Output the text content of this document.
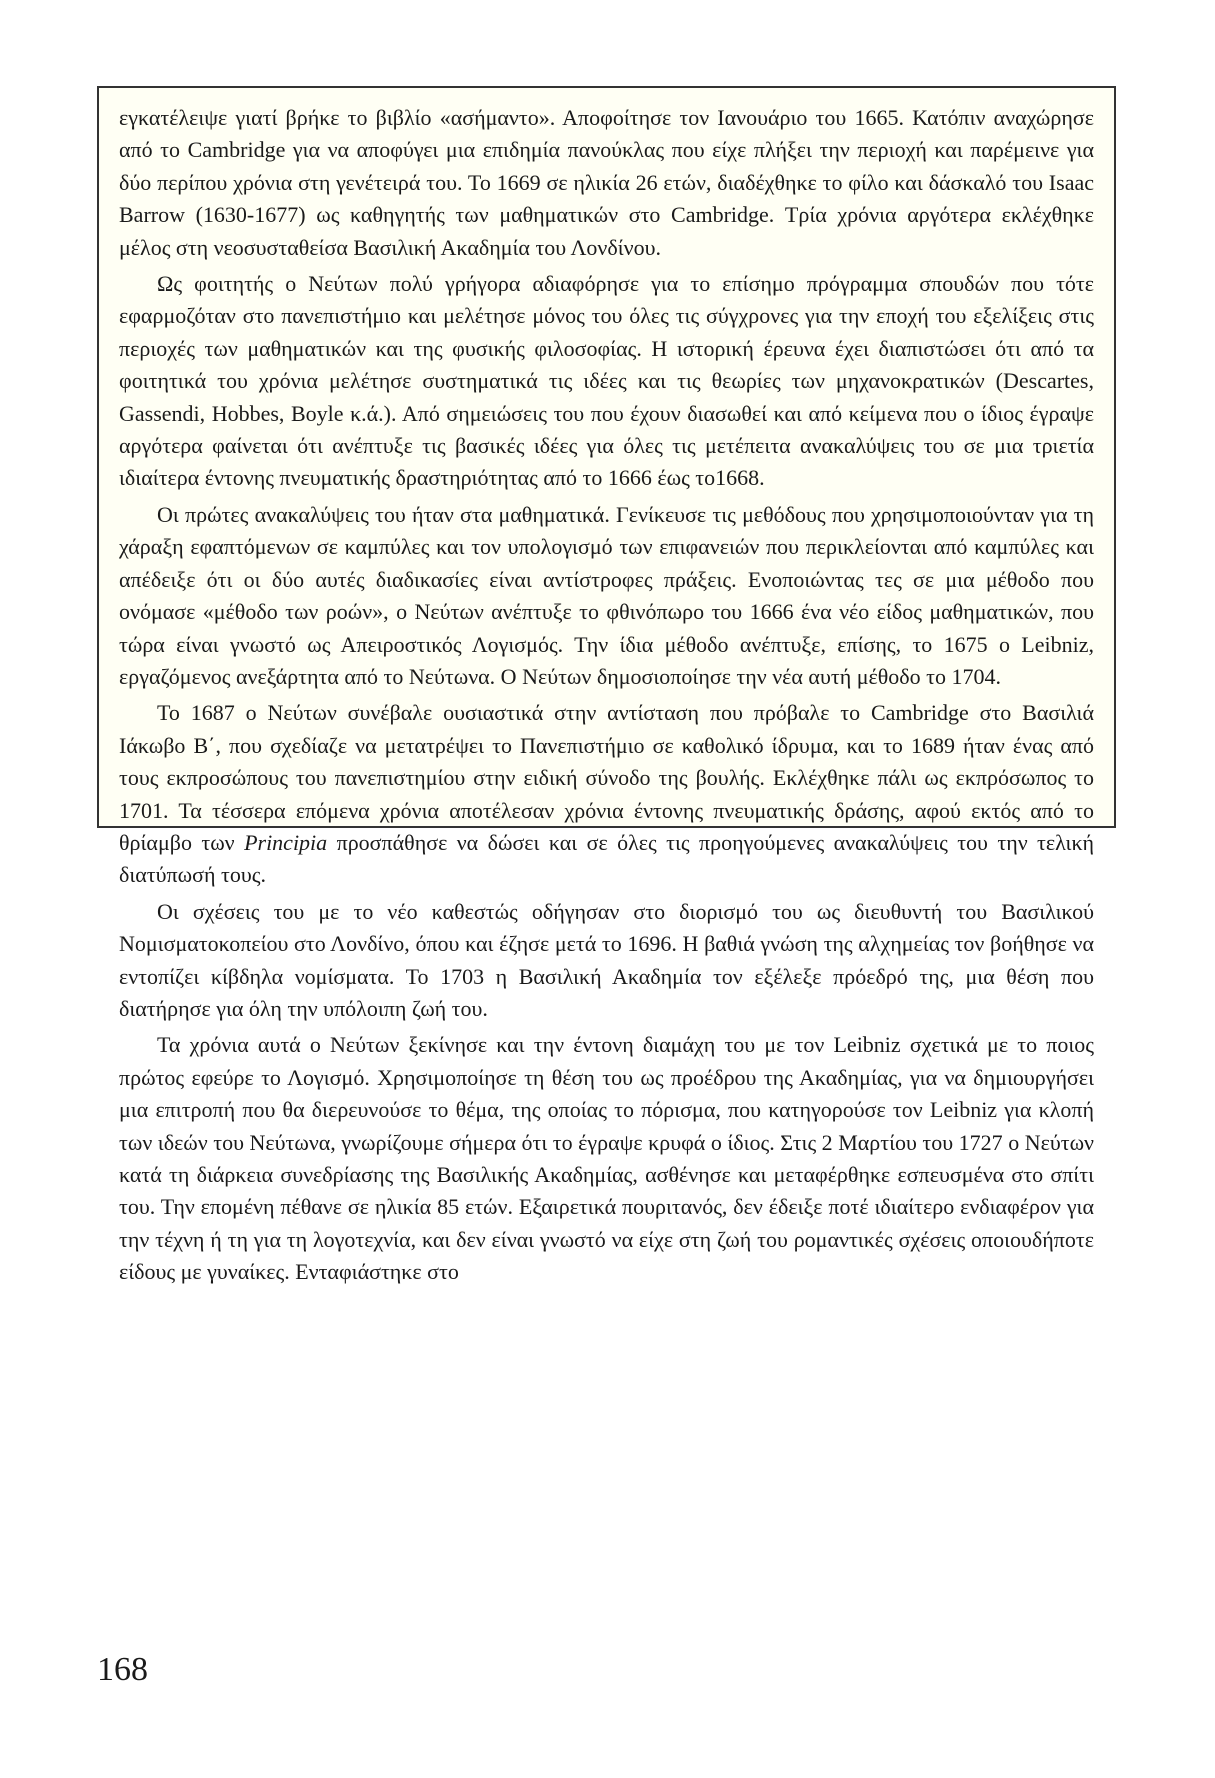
εγκατέλειψε γιατί βρήκε το βιβλίο «ασήμαντο». Αποφοίτησε τον Ιανουάριο του 1665. Κατόπιν αναχώρησε από το Cambridge για να αποφύγει μια επιδημία πανούκλας που είχε πλήξει την περιοχή και παρέμεινε για δύο περίπου χρόνια στη γενέτειρά του. Το 1669 σε ηλικία 26 ετών, διαδέχθηκε το φίλο και δάσκαλό του Isaac Barrow (1630-1677) ως καθηγητής των μαθηματικών στο Cambridge. Τρία χρόνια αργότερα εκλέχθηκε μέλος στη νεοσυσταθείσα Βασιλική Ακαδημία του Λονδίνου.

Ως φοιτητής ο Νεύτων πολύ γρήγορα αδιαφόρησε για το επίσημο πρόγραμμα σπουδών που τότε εφαρμοζόταν στο πανεπιστήμιο και μελέτησε μόνος του όλες τις σύγχρονες για την εποχή του εξελίξεις στις περιοχές των μαθηματικών και της φυσικής φιλοσοφίας. Η ιστορική έρευνα έχει διαπιστώσει ότι από τα φοιτητικά του χρόνια μελέτησε συστηματικά τις ιδέες και τις θεωρίες των μηχανοκρατικών (Descartes, Gassendi, Hobbes, Boyle κ.ά.). Από σημειώσεις του που έχουν διασωθεί και από κείμενα που ο ίδιος έγραψε αργότερα φαίνεται ότι ανέπτυξε τις βασικές ιδέες για όλες τις μετέπειτα ανακαλύψεις του σε μια τριετία ιδιαίτερα έντονης πνευματικής δραστηριότητας από το 1666 έως το1668.

Οι πρώτες ανακαλύψεις του ήταν στα μαθηματικά. Γενίκευσε τις μεθόδους που χρησιμοποιούνταν για τη χάραξη εφαπτόμενων σε καμπύλες και τον υπολογισμό των επιφανειών που περικλείονται από καμπύλες και απέδειξε ότι οι δύο αυτές διαδικασίες είναι αντίστροφες πράξεις. Ενοποιώντας τες σε μια μέθοδο που ονόμασε «μέθοδο των ροών», ο Νεύτων ανέπτυξε το φθινόπωρο του 1666 ένα νέο είδος μαθηματικών, που τώρα είναι γνωστό ως Απειροστικός Λογισμός. Την ίδια μέθοδο ανέπτυξε, επίσης, το 1675 ο Leibniz, εργαζόμενος ανεξάρτητα από το Νεύτωνα. Ο Νεύτων δημοσιοποίησε την νέα αυτή μέθοδο το 1704.

Το 1687 ο Νεύτων συνέβαλε ουσιαστικά στην αντίσταση που πρόβαλε το Cambridge στο Βασιλιά Ιάκωβο Β΄, που σχεδίαζε να μετατρέψει το Πανεπιστήμιο σε καθολικό ίδρυμα, και το 1689 ήταν ένας από τους εκπροσώπους του πανεπιστημίου στην ειδική σύνοδο της βουλής. Εκλέχθηκε πάλι ως εκπρόσωπος το 1701. Τα τέσσερα επόμενα χρόνια αποτέλεσαν χρόνια έντονης πνευματικής δράσης, αφού εκτός από το θρίαμβο των Principia προσπάθησε να δώσει και σε όλες τις προηγούμενες ανακαλύψεις του την τελική διατύπωσή τους.

Οι σχέσεις του με το νέο καθεστώς οδήγησαν στο διορισμό του ως διευθυντή του Βασιλικού Νομισματοκοπείου στο Λονδίνο, όπου και έζησε μετά το 1696. Η βαθιά γνώση της αλχημείας τον βοήθησε να εντοπίζει κίβδηλα νομίσματα. Το 1703 η Βασιλική Ακαδημία τον εξέλεξε πρόεδρό της, μια θέση που διατήρησε για όλη την υπόλοιπη ζωή του.

Τα χρόνια αυτά ο Νεύτων ξεκίνησε και την έντονη διαμάχη του με τον Leibniz σχετικά με το ποιος πρώτος εφεύρε το Λογισμό. Χρησιμοποίησε τη θέση του ως προέδρου της Ακαδημίας, για να δημιουργήσει μια επιτροπή που θα διερευνούσε το θέμα, της οποίας το πόρισμα, που κατηγορούσε τον Leibniz για κλοπή των ιδεών του Νεύτωνα, γνωρίζουμε σήμερα ότι το έγραψε κρυφά ο ίδιος. Στις 2 Μαρτίου του 1727 ο Νεύτων κατά τη διάρκεια συνεδρίασης της Βασιλικής Ακαδημίας, ασθένησε και μεταφέρθηκε εσπευσμένα στο σπίτι του. Την επομένη πέθανε σε ηλικία 85 ετών. Εξαιρετικά πουριτανός, δεν έδειξε ποτέ ιδιαίτερο ενδιαφέρον για την τέχνη ή τη για τη λογοτεχνία, και δεν είναι γνωστό να είχε στη ζωή του ρομαντικές σχέσεις οποιουδήποτε είδους με γυναίκες. Ενταφιάστηκε στο

168
